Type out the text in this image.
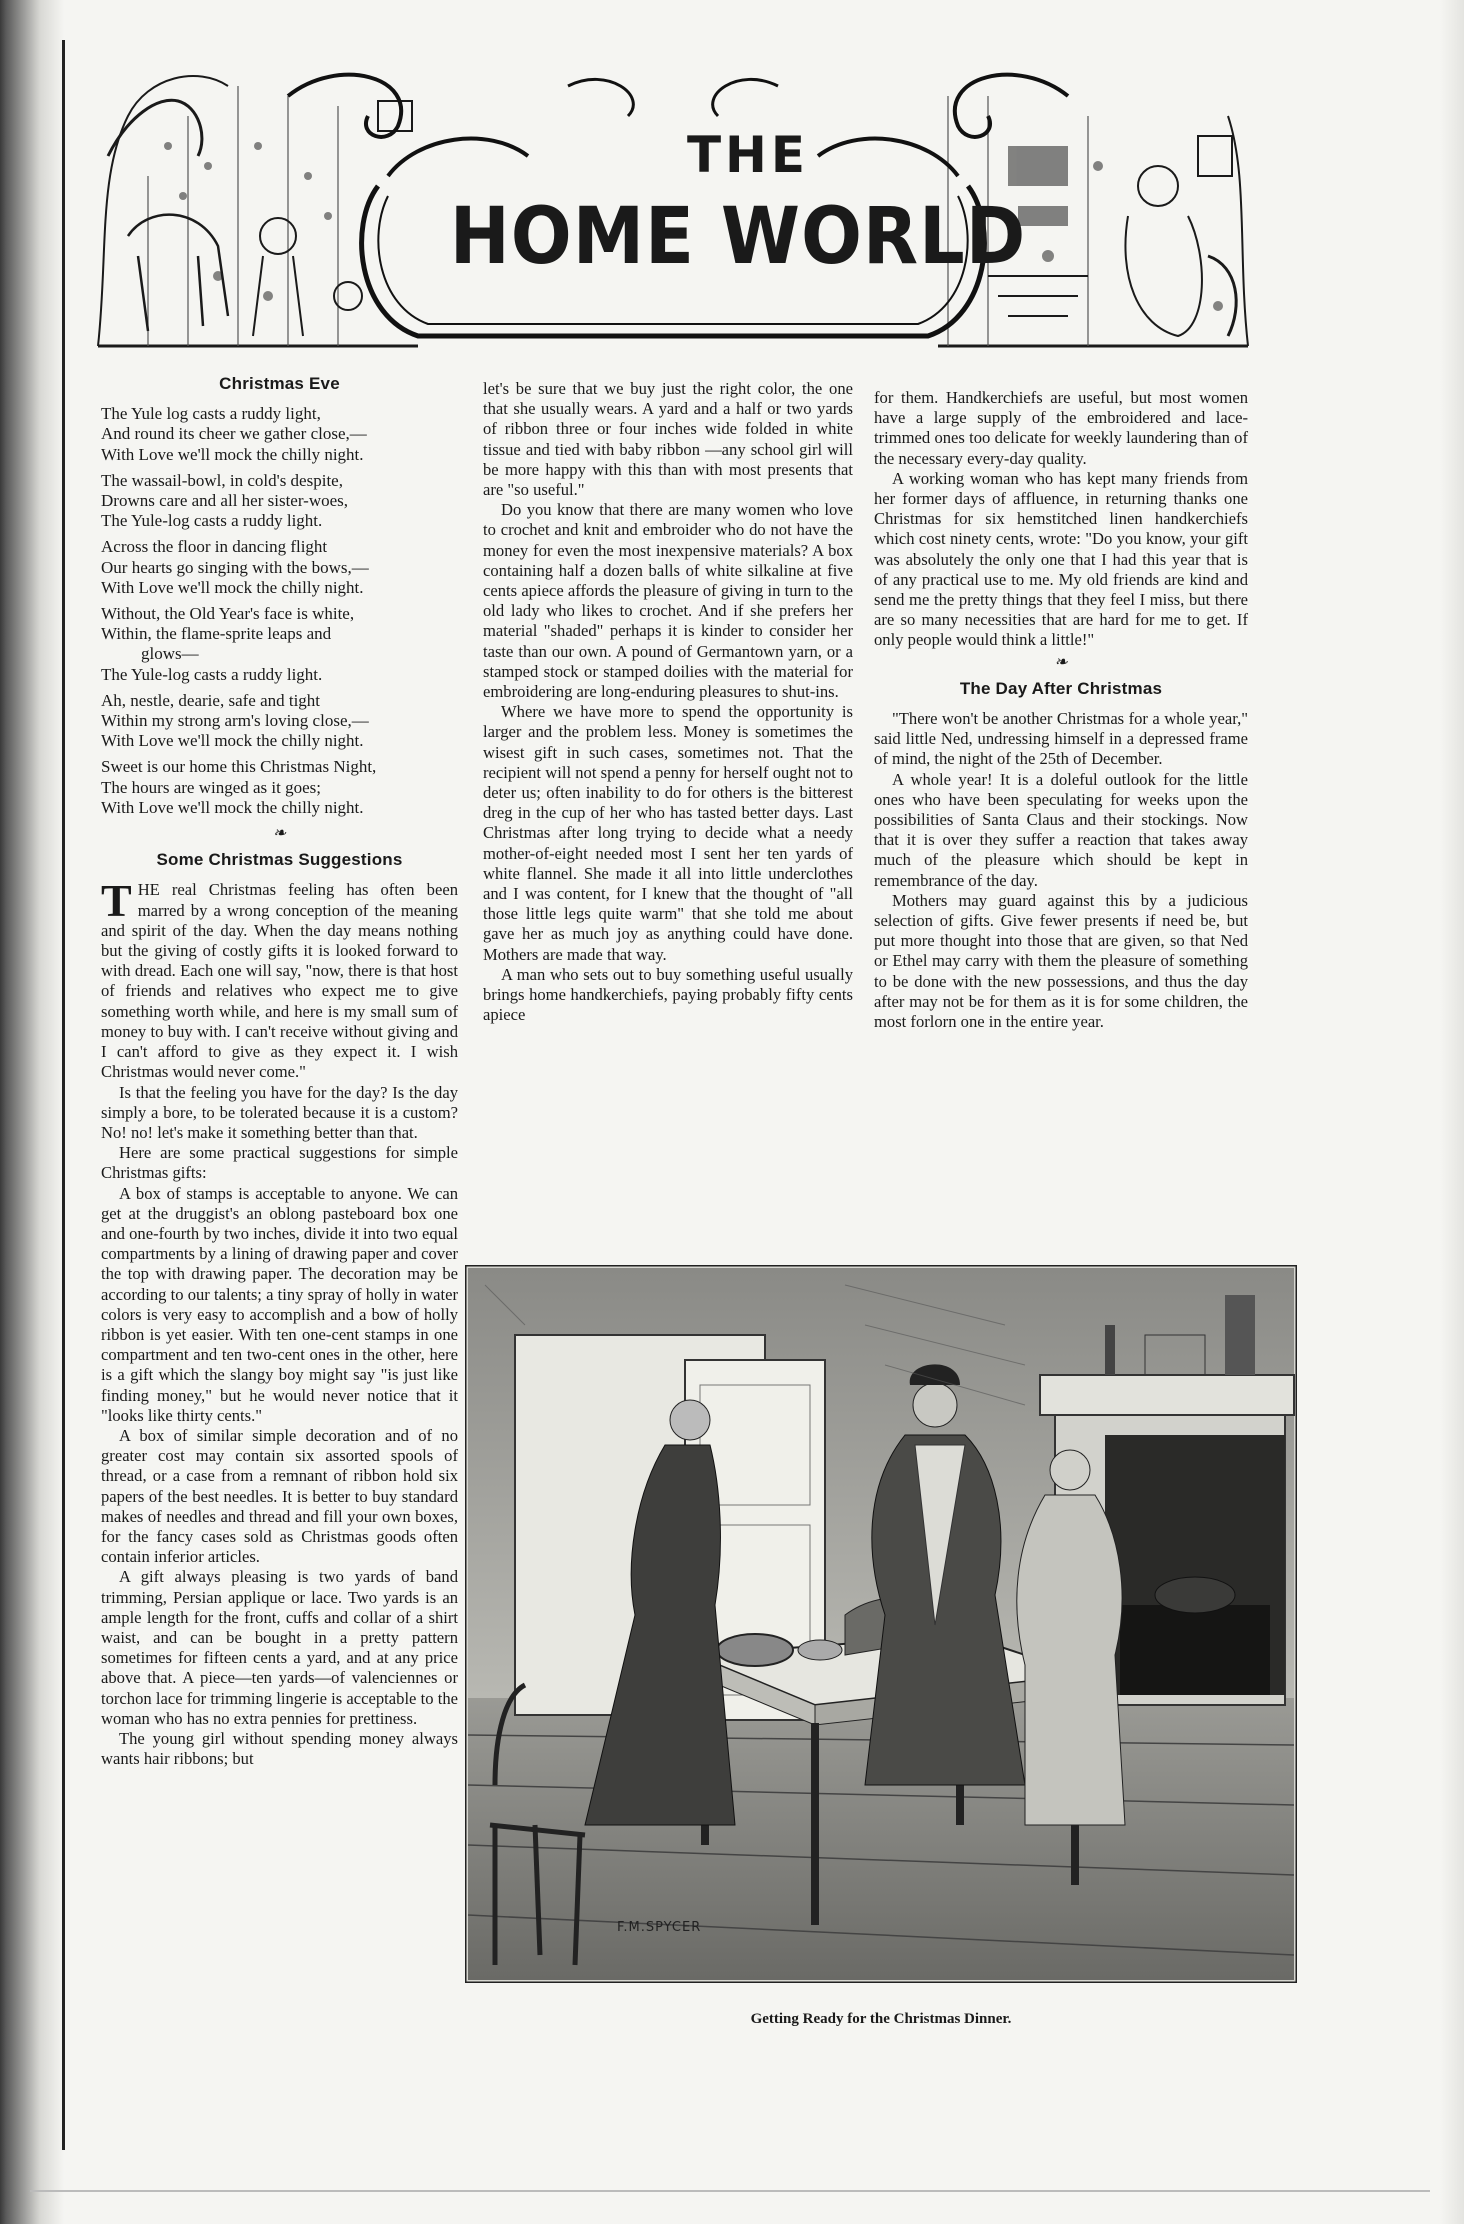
THE
HOME WORLD
Christmas Eve
The Yule log casts a ruddy light,
And round its cheer we gather close,—
With Love we'll mock the chilly night.
The wassail-bowl, in cold's despite,
Drowns care and all her sister-woes,
The Yule-log casts a ruddy light.
Across the floor in dancing flight
Our hearts go singing with the bows,—
With Love we'll mock the chilly night.
Without, the Old Year's face is white,
Within, the flame-sprite leaps and
glows—
The Yule-log casts a ruddy light.
Ah, nestle, dearie, safe and tight
Within my strong arm's loving close,—
With Love we'll mock the chilly night.
Sweet is our home this Christmas Night,
The hours are winged as it goes;
With Love we'll mock the chilly night.
❧
Some Christmas Suggestions

THE real Christmas feeling has often been marred by a wrong conception of the meaning and spirit of the day. When the day means nothing but the giving of costly gifts it is looked forward to with dread. Each one will say, "now, there is that host of friends and relatives who expect me to give something worth while, and here is my small sum of money to buy with. I can't receive without giving and I can't afford to give as they expect it. I wish Christmas would never come."

Is that the feeling you have for the day? Is the day simply a bore, to be tolerated because it is a custom? No! no! let's make it something better than that.

Here are some practical suggestions for simple Christmas gifts:

A box of stamps is acceptable to anyone. We can get at the druggist's an oblong pasteboard box one and one-fourth by two inches, divide it into two equal compartments by a lining of drawing paper and cover the top with drawing paper. The decoration may be according to our talents; a tiny spray of holly in water colors is very easy to accomplish and a bow of holly ribbon is yet easier. With ten one-cent stamps in one compartment and ten two-cent ones in the other, here is a gift which the slangy boy might say "is just like finding money," but he would never notice that it "looks like thirty cents."

A box of similar simple decoration and of no greater cost may contain six assorted spools of thread, or a case from a remnant of ribbon hold six papers of the best needles. It is better to buy standard makes of needles and thread and fill your own boxes, for the fancy cases sold as Christmas goods often contain inferior articles.

A gift always pleasing is two yards of band trimming, Persian applique or lace. Two yards is an ample length for the front, cuffs and collar of a shirt waist, and can be bought in a pretty pattern sometimes for fifteen cents a yard, and at any price above that. A piece—ten yards—of valenciennes or torchon lace for trimming lingerie is acceptable to the woman who has no extra pennies for prettiness.

The young girl without spending money always wants hair ribbons; but

let's be sure that we buy just the right color, the one that she usually wears. A yard and a half or two yards of ribbon three or four inches wide folded in white tissue and tied with baby ribbon —any school girl will be more happy with this than with most presents that are "so useful."

Do you know that there are many women who love to crochet and knit and embroider who do not have the money for even the most inexpensive materials? A box containing half a dozen balls of white silkaline at five cents apiece affords the pleasure of giving in turn to the old lady who likes to crochet. And if she prefers her material "shaded" perhaps it is kinder to consider her taste than our own. A pound of Germantown yarn, or a stamped stock or stamped doilies with the material for embroidering are long-enduring pleasures to shut-ins.

Where we have more to spend the opportunity is larger and the problem less. Money is sometimes the wisest gift in such cases, sometimes not. That the recipient will not spend a penny for herself ought not to deter us; often inability to do for others is the bitterest dreg in the cup of her who has tasted better days. Last Christmas after long trying to decide what a needy mother-of-eight needed most I sent her ten yards of white flannel. She made it all into little underclothes and I was content, for I knew that the thought of "all those little legs quite warm" that she told me about gave her as much joy as anything could have done. Mothers are made that way.

A man who sets out to buy something useful usually brings home handkerchiefs, paying probably fifty cents apiece

for them. Handkerchiefs are useful, but most women have a large supply of the embroidered and lace-trimmed ones too delicate for weekly laundering than of the necessary every-day quality.

A working woman who has kept many friends from her former days of affluence, in returning thanks one Christmas for six hemstitched linen handkerchiefs which cost ninety cents, wrote: "Do you know, your gift was absolutely the only one that I had this year that is of any practical use to me. My old friends are kind and send me the pretty things that they feel I miss, but there are so many necessities that are hard for me to get. If only people would think a little!"

❧
The Day After Christmas

"There won't be another Christmas for a whole year," said little Ned, undressing himself in a depressed frame of mind, the night of the 25th of December.

A whole year! It is a doleful outlook for the little ones who have been speculating for weeks upon the possibilities of Santa Claus and their stockings. Now that it is over they suffer a reaction that takes away much of the pleasure which should be kept in remembrance of the day.

Mothers may guard against this by a judicious selection of gifts. Give fewer presents if need be, but put more thought into those that are given, so that Ned or Ethel may carry with them the pleasure of something to be done with the new possessions, and thus the day after may not be for them as it is for some children, the most forlorn one in the entire year.

F.M.SPYCER
Getting Ready for the Christmas Dinner.
